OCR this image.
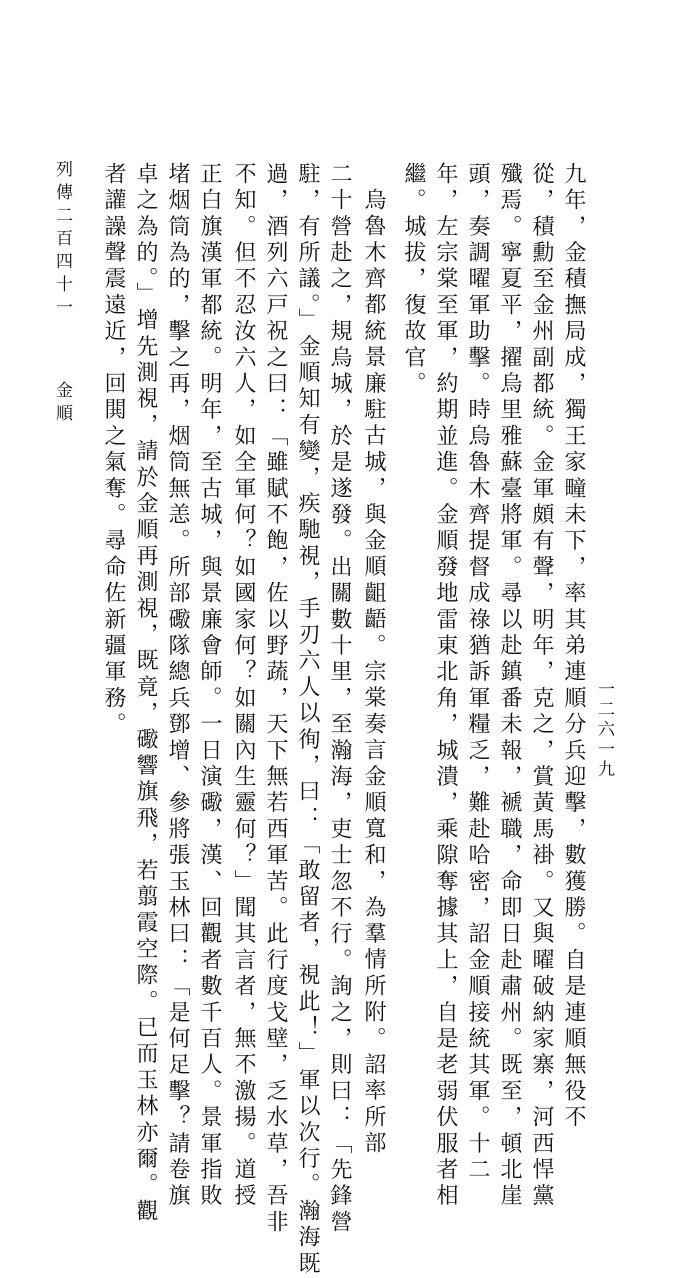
九年，金積撫局成，獨王家疃未下，率其弟連順分兵迎擊，數獲勝。自是連順無役不
從，積勳至金州副都統。金軍頗有聲，明年，克之，賞黃馬褂。又與曜破納家寨，河西悍黨
殲焉。寧夏平，擢烏里雅蘇臺將軍。尋以赴鎮番未報，褫職，命即日赴肅州。既至，頓北崖
頭，奏調曜軍助擊。時烏魯木齊提督成祿猶訴軍糧乏，難赴哈密，詔金順接統其軍。十二
年，左宗棠至軍，約期並進。金順發地雷東北角，城潰，乘隙奪據其上，自是老弱伏服者相
繼。城拔，復故官。
烏魯木齊都統景廉駐古城，與金順齟齬。宗棠奏言金順寬和，為羣情所附。詔率所部
二十營赴之，規烏城，於是遂發。出關數十里，至瀚海，吏士忽不行。詢之，則曰：「先鋒營
駐，有所議。」金順知有變，疾馳視，手刃六人以徇，曰：「敢留者，視此！」軍以次行。瀚海既
過，酒列六戸祝之曰：「雖賦不飽，佐以野蔬，天下無若西軍苦。此行度戈壁，乏水草，吾非
不知。但不忍汝六人，如全軍何？如國家何？如關內生靈何？」聞其言者，無不激揚。道授
正白旗漢軍都統。明年，至古城，與景廉會師。一日演礮，漢、回觀者數千百人。景軍指敗
堵烟筒為的，擊之再，烟筒無恙。所部礮隊總兵鄧增、參將張玉林曰：「是何足擊？請卷旗
卓之為的。」增先測視，請於金順再測視，既竟，礮響旗飛，若翦霞空際。已而玉林亦爾。觀
者讙譟聲震遠近，回閧之氣奪。尋命佐新疆軍務。
列傳二百四十一金順
一二六一九
